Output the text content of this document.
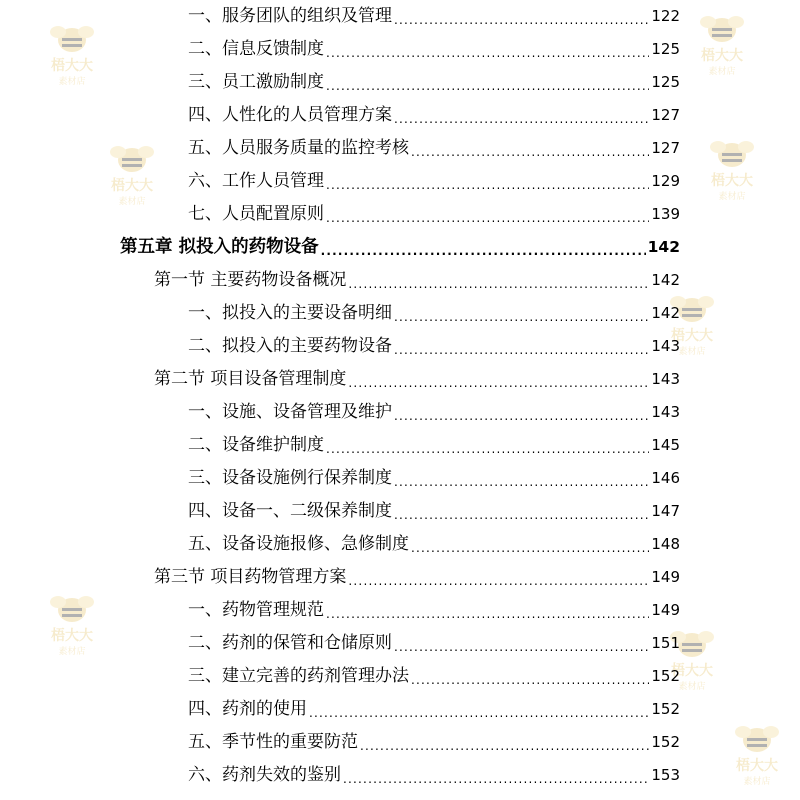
梧大大
素材店
梧大大
素材店
梧大大
素材店
梧大大
素材店
梧大大
素材店
梧大大
素材店
梧大大
素材店
梧大大
素材店
一、服务团队的组织及管理 .....	122
二、信息反馈制度 .....	125
三、员工激励制度 .....	125
四、人性化的人员管理方案 .....	127
五、人员服务质量的监控考核 .....	127
六、工作人员管理 .....	129
七、人员配置原则 .....	139
第五章 拟投入的药物设备 .....	142
第一节 主要药物设备概况 .....	142
一、拟投入的主要设备明细 .....	142
二、拟投入的主要药物设备 .....	143
第二节 项目设备管理制度 .....	143
一、设施、设备管理及维护 .....	143
二、设备维护制度 .....	145
三、设备设施例行保养制度 .....	146
四、设备一、二级保养制度 .....	147
五、设备设施报修、急修制度 .....	148
第三节 项目药物管理方案 .....	149
一、药物管理规范 .....	149
二、药剂的保管和仓储原则 .....	151
三、建立完善的药剂管理办法 .....	152
四、药剂的使用 .....	152
五、季节性的重要防范 .....	152
六、药剂失效的鉴别 .....	153
